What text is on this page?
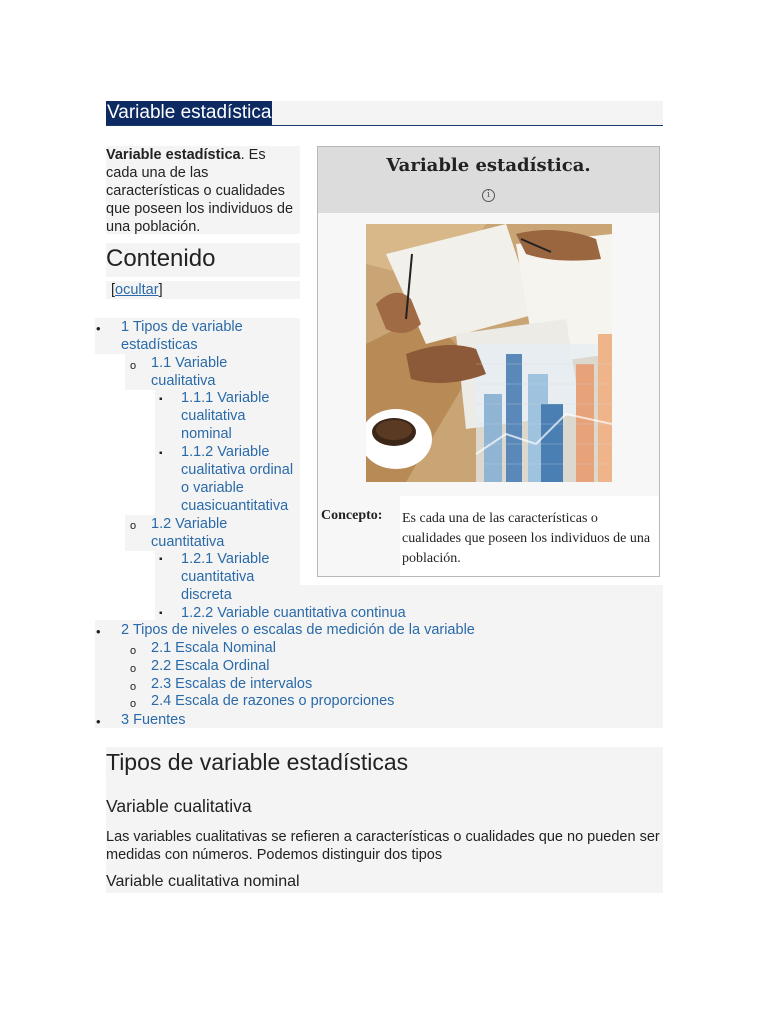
Variable estadística
Variable estadística. Es cada una de las características o cualidades que poseen los individuos de una población.
Contenido
[ocultar]
• 1 Tipos de variable estadísticas
o 1.1 Variable cualitativa
▪ 1.1.1 Variable cualitativa nominal
▪ 1.1.2 Variable cualitativa ordinal o variable cuasicuantitativa
o 1.2 Variable cuantitativa
▪ 1.2.1 Variable cuantitativa discreta
▪ 1.2.2 Variable cuantitativa continua
• 2 Tipos de niveles o escalas de medición de la variable
o 2.1 Escala Nominal
o 2.2 Escala Ordinal
o 2.3 Escalas de intervalos
o 2.4 Escala de razones o proporciones
• 3 Fuentes
Variable estadística.
i
Concepto: Es cada una de las características o cualidades que poseen los individuos de una población.
Tipos de variable estadísticas
Variable cualitativa
Las variables cualitativas se refieren a características o cualidades que no pueden ser medidas con números. Podemos distinguir dos tipos
Variable cualitativa nominal
